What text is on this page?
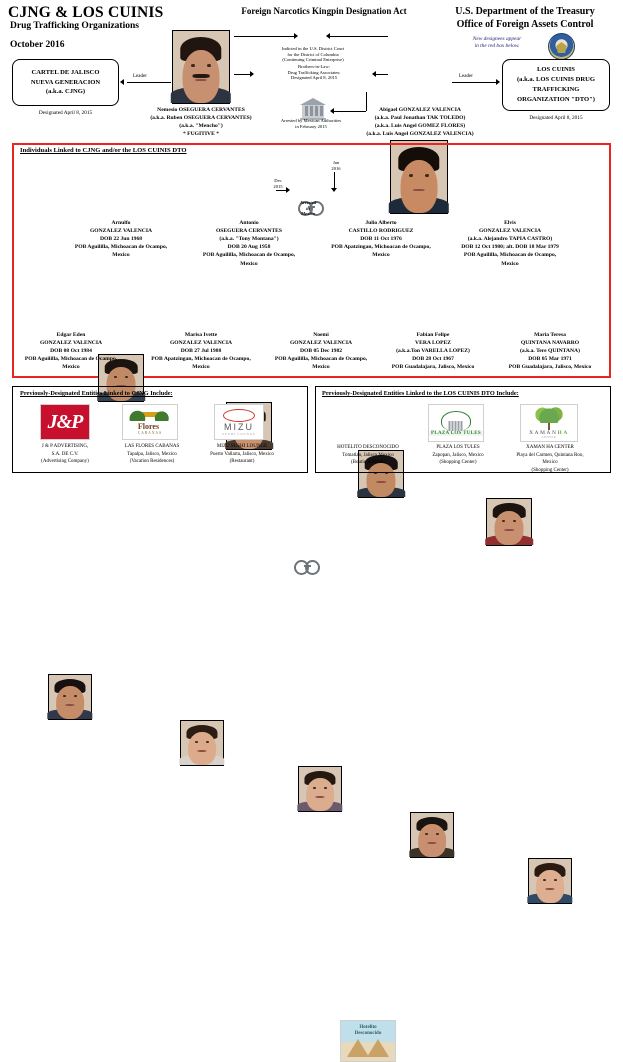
CJNG & LOS CUINIS
Drug Trafficking Organizations
October 2016
Foreign Narcotics Kingpin Designation Act	U.S. Department of the Treasury
Office of Foreign Assets Control
New designees appear
in the red box below.
CARTEL DE JALISCO
NUEVA GENERACION
(a.k.a. CJNG)
Designated April 8, 2015
Leader
Nemesio OSEGUERA CERVANTES
(a.k.a. Ruben OSEGUERA CERVANTES)
(a.k.a. "Mencho")
* FUGITIVE *
Indicted in the U.S. District Court
for the District of Columbia
(Continuing Criminal Enterprise)
Brothers-in-Law;
Drug Trafficking Associates;
Designated April 8, 2015
Arrested by Mexican Authorities
in February 2015
Abigael GONZALEZ VALENCIA
(a.k.a. Paul Jonathan TAK TOLEDO)
(a.k.a. Luis Angel GOMEZ FLORES)
(a.k.a. Luis Angel GONZALEZ VALENCIA)
Leader
LOS CUINIS
(a.k.a. LOS CUINIS DRUG
TRAFFICKING
ORGANIZATION "DTO")
Designated April 8, 2015
Individuals Linked to CJNG and/or the LOS CUINIS DTO
Dec
2015
Jan
2016
Arrested
in
Mexico
Arnulfo
GONZALEZ VALENCIA
DOB 22 Jun 1968
POB Aguililla, Michoacan de Ocampo,
Mexico
Antonio
OSEGUERA CERVANTES
(a.k.a. "Tony Montana")
DOB 20 Aug 1958
POB Aguililla, Michoacan de Ocampo,
Mexico
Julio Alberto
CASTILLO RODRIGUEZ
DOB 11 Oct 1976
POB Apatzingan, Michoacan de Ocampo,
Mexico
Elvis
GONZALEZ VALENCIA
(a.k.a. Alejandro TAPIA CASTRO)
DOB 12 Oct 1980; alt. DOB 18 Mar 1979
POB Aguililla, Michoacan de Ocampo,
Mexico
Edgar Eden
GONZALEZ VALENCIA
DOB 08 Oct 1984
POB Aguililla, Michoacan de Ocampo,
Mexico
Marisa Ivette
GONZALEZ VALENCIA
DOB 27 Jul 1988
POB Apatzingan, Michoacan de Ocampo,
Mexico
Noemi
GONZALEZ VALENCIA
DOB 05 Dec 1982
POB Aguililla, Michoacan de Ocampo,
Mexico
Fabian Felipe
VERA LOPEZ
(a.k.a.Ton VARELLA LOPEZ)
DOB 28 Oct 1967
POB Guadalajara, Jalisco, Mexico
Maria Teresa
QUINTANA NAVARRO
(a.k.a. Tere QUINTANA)
DOB 05 Mar 1971
POB Guadalajara, Jalisco, Mexico
Previously-Designated Entities Linked to CJNG Include:
J&P
J & P ADVERTISING,
S.A. DE C.V.
(Advertising Company)
Flores
CABANAS
LAS FLORES CABANAS
Tapalpa, Jalisco, Mexico
(Vacation Residences)
MIZU
SUSHI LOUNGE
MIZU SUSHI LOUNGE
Puerto Vallarta, Jalisco, Mexico
(Restaurant)
Previously-Designated Entities Linked to the LOS CUINIS DTO Include:
Hotelito
Desconocido
HOTELITO DESCONOCIDO
Tomatlan, Jalisco Mexico
(Boutique Hotel)
PLAZA LOS TULES
PLAZA LOS TULES
Zapopan, Jalisco, Mexico
(Shopping Center)
XAMANHA
CENTER
XAMAN HA CENTER
Playa del Carmen, Quintana Roo,
Mexico
(Shopping Center)
